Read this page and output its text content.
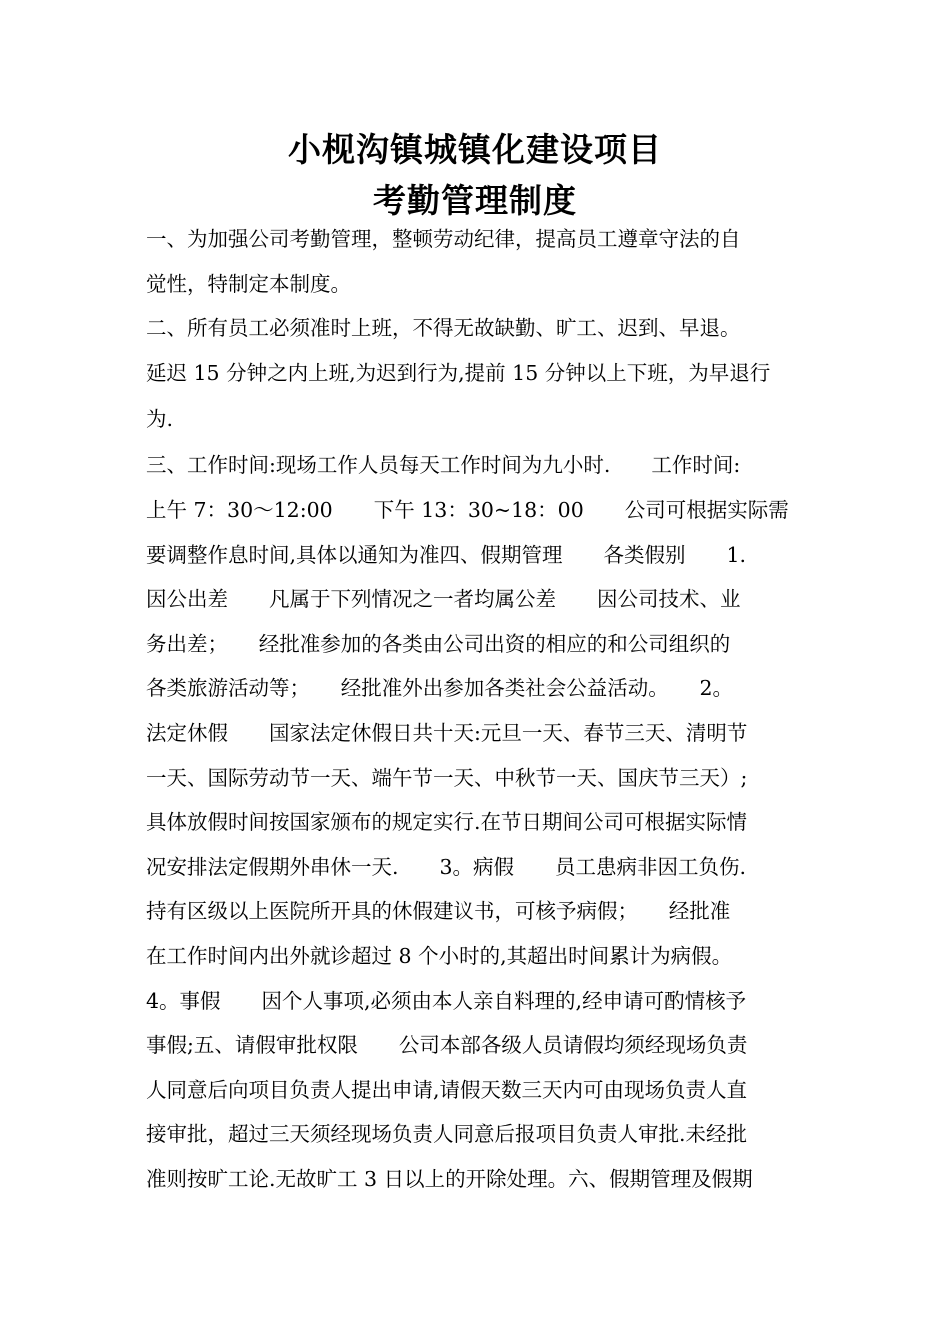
小枧沟镇城镇化建设项目
考勤管理制度
一、为加强公司考勤管理，整顿劳动纪律，提高员工遵章守法的自
觉性，特制定本制度。
二、所有员工必须准时上班，不得无故缺勤、旷工、迟到、早退。
延迟 15 分钟之内上班,为迟到行为,提前 15 分钟以上下班，为早退行
为.
三、工作时间:现场工作人员每天工作时间为九小时.　　工作时间:
上午 7：30～12:00　　下午 13：30~18：00　　公司可根据实际需
要调整作息时间,具体以通知为准四、假期管理　　各类假别　　1.
因公出差　　凡属于下列情况之一者均属公差　　因公司技术、业
务出差；　　经批准参加的各类由公司出资的相应的和公司组织的
各类旅游活动等；　　经批准外出参加各类社会公益活动。　　2。
法定休假　　国家法定休假日共十天:元旦一天、春节三天、清明节
一天、国际劳动节一天、端午节一天、中秋节一天、国庆节三天）;
具体放假时间按国家颁布的规定实行.在节日期间公司可根据实际情
况安排法定假期外串休一天.　　3。病假　　员工患病非因工负伤.
持有区级以上医院所开具的休假建议书，可核予病假；　　经批准
在工作时间内出外就诊超过 8 个小时的,其超出时间累计为病假。
4。事假　　因个人事项,必须由本人亲自料理的,经申请可酌情核予
事假;五、请假审批权限　　公司本部各级人员请假均须经现场负责
人同意后向项目负责人提出申请,请假天数三天内可由现场负责人直
接审批，超过三天须经现场负责人同意后报项目负责人审批.未经批
准则按旷工论.无故旷工 3 日以上的开除处理。六、假期管理及假期
